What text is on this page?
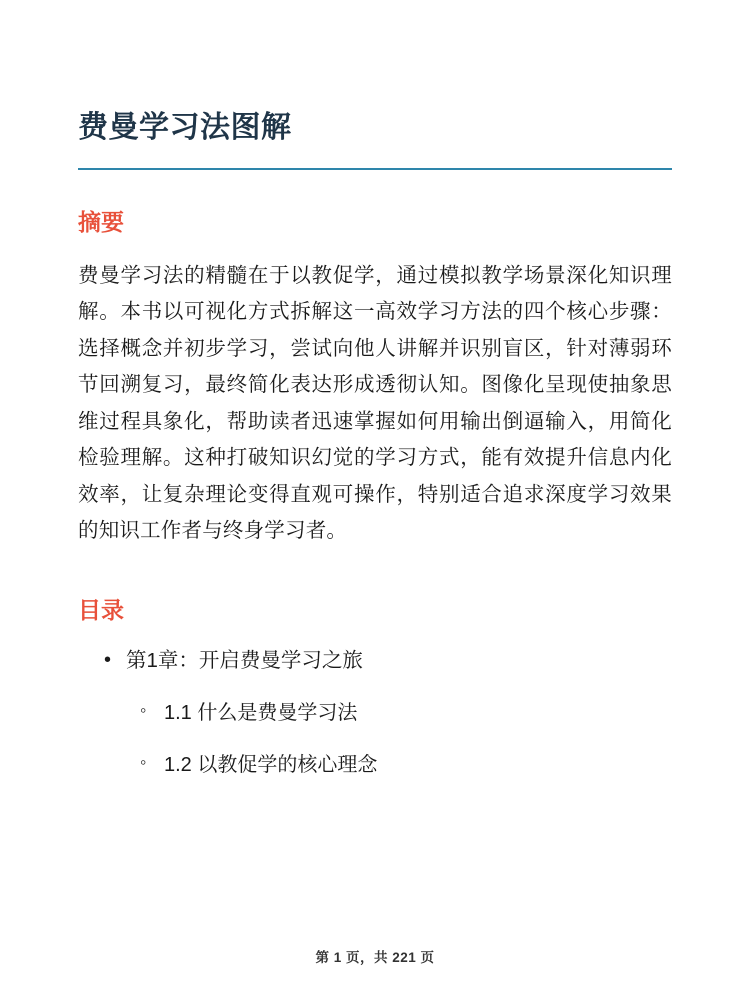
费曼学习法图解
摘要

费曼学习法的精髓在于以教促学，通过模拟教学场景深化知识理解。本书以可视化方式拆解这一高效学习方法的四个核心步骤：选择概念并初步学习，尝试向他人讲解并识别盲区，针对薄弱环节回溯复习，最终简化表达形成透彻认知。图像化呈现使抽象思维过程具象化，帮助读者迅速掌握如何用输出倒逼输入，用简化检验理解。这种打破知识幻觉的学习方式，能有效提升信息内化效率，让复杂理论变得直观可操作，特别适合追求深度学习效果的知识工作者与终身学习者。

目录
• 第1章：开启费曼学习之旅
◦ 1.1 什么是费曼学习法
◦ 1.2 以教促学的核心理念
第 1 页，共 221 页
